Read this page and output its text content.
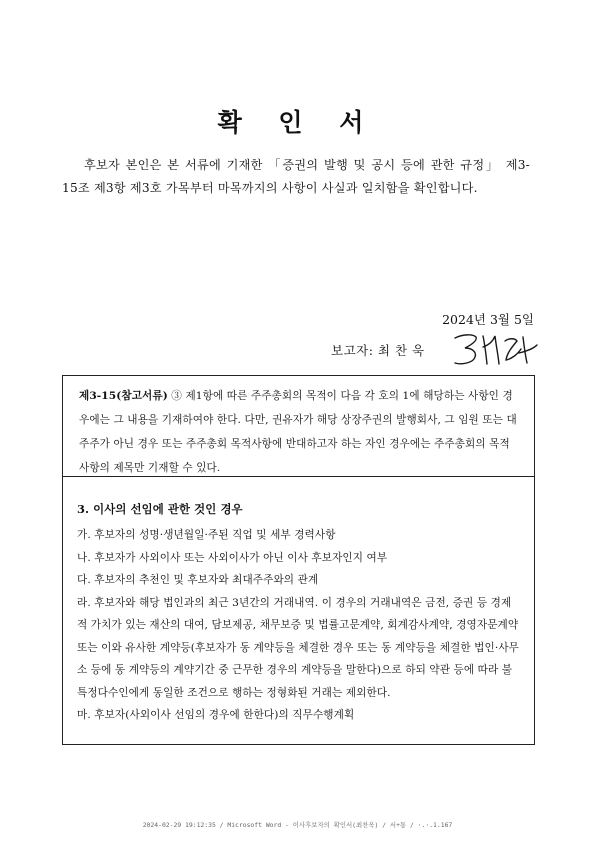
확 인 서
후보자 본인은 본 서류에 기재한 「증권의 발행 및 공시 등에 관한 규정」 제3-15조 제3항 제3호 가목부터 마목까지의 사항이 사실과 일치함을 확인합니다.
2024년 3월 5일
보고자: 최 찬 욱
제3-15(참고서류) ③ 제1항에 따른 주주총회의 목적이 다음 각 호의 1에 해당하는 사항인 경우에는 그 내용을 기재하여야 한다. 다만, 권유자가 해당 상장주권의 발행회사, 그 임원 또는 대주주가 아닌 경우 또는 주주총회 목적사항에 반대하고자 하는 자인 경우에는 주주총회의 목적사항의 제목만 기재할 수 있다.
3. 이사의 선임에 관한 것인 경우
가. 후보자의 성명·생년월일·주된 직업 및 세부 경력사항
나. 후보자가 사외이사 또는 사외이사가 아닌 이사 후보자인지 여부
다. 후보자의 추천인 및 후보자와 최대주주와의 관계
라. 후보자와 해당 법인과의 최근 3년간의 거래내역. 이 경우의 거래내역은 금전, 증권 등 경제적 가치가 있는 재산의 대여, 담보제공, 채무보증 및 법률고문계약, 회계감사계약, 경영자문계약 또는 이와 유사한 계약등(후보자가 동 계약등을 체결한 경우 또는 동 계약등을 체결한 법인·사무소 등에 동 계약등의 계약기간 중 근무한 경우의 계약등을 말한다)으로 하되 약관 등에 따라 불특정다수인에게 동일한 조건으로 행하는 정형화된 거래는 제외한다.
마. 후보자(사외이사 선임의 경우에 한한다)의 직무수행계획
2024-02-29 19:12:35 / Microsoft Word - 이사후보자의 확인서(최찬욱) / 서+통 / ⋅.⋅.1.167
